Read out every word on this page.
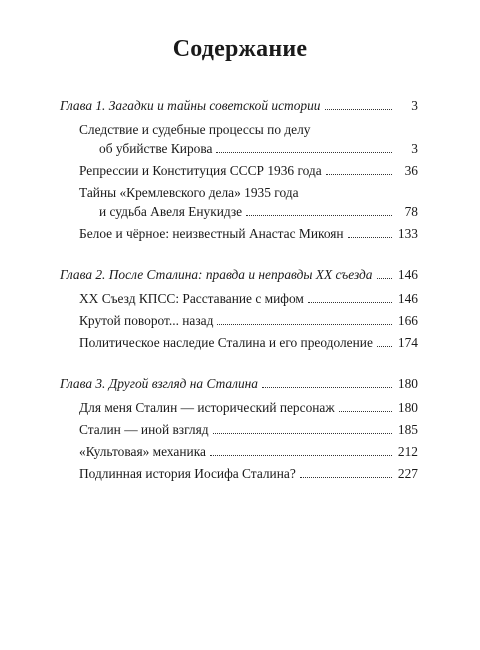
Содержание
Глава 1. Загадки и тайны советской истории	3
Следствие и судебные процессы по делу
об убийстве Кирова	3
Репрессии и Конституция СССР 1936 года	36
Тайны «Кремлевского дела» 1935 года
и судьба Авеля Енукидзе	78
Белое и чёрное: неизвестный Анастас Микоян	133
Глава 2. После Сталина: правда и неправды ХХ съезда 146
XX Съезд КПСС: Расставание с мифом	146
Крутой поворот... назад	166
Политическое наследие Сталина и его преодоление 174
Глава 3. Другой взгляд на Сталина	180
Для меня Сталин — исторический персонаж	180
Сталин — иной взгляд	185
«Культовая» механика	212
Подлинная история Иосифа Сталина?	227
